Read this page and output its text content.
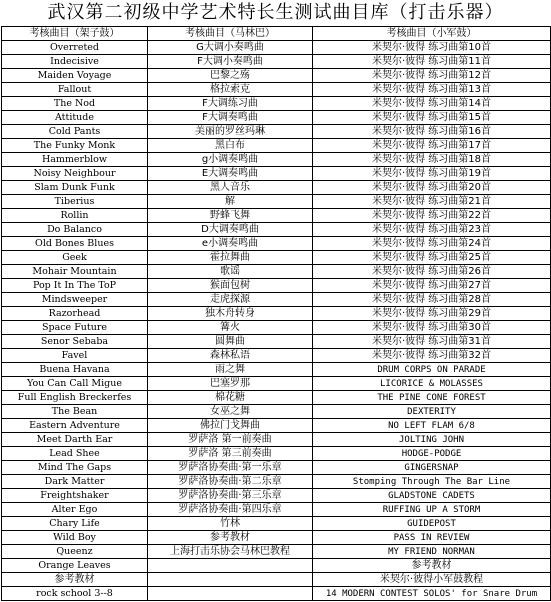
武汉第二初级中学艺术特长生测试曲目库（打击乐器）
考核曲目（架子鼓）	考核曲目（马林巴）	考核曲目（小军鼓）
Overreted	G大调小奏鸣曲	米契尔·彼得 练习曲第10首
Indecisive	F大调小奏鸣曲	米契尔·彼得 练习曲第11首
Maiden Voyage	巴黎之殇	米契尔·彼得 练习曲第12首
Fallout	格拉索克	米契尔·彼得 练习曲第13首
The Nod	F大调练习曲	米契尔·彼得 练习曲第14首
Attitude	F大调奏鸣曲	米契尔·彼得 练习曲第15首
Cold Pants	美丽的罗丝玛琳	米契尔·彼得 练习曲第16首
The Funky Monk	黑白布	米契尔·彼得 练习曲第17首
Hammerblow	g小调奏鸣曲	米契尔·彼得 练习曲第18首
Noisy Neighbour	E大调奏鸣曲	米契尔·彼得 练习曲第19首
Slam Dunk Funk	黑人音乐	米契尔·彼得 练习曲第20首
Tiberius	解	米契尔·彼得 练习曲第21首
Rollin	野蜂飞舞	米契尔·彼得 练习曲第22首
Do Balanco	D大调奏鸣曲	米契尔·彼得 练习曲第23首
Old Bones Blues	e小调奏鸣曲	米契尔·彼得 练习曲第24首
Geek	霍拉舞曲	米契尔·彼得 练习曲第25首
Mohair Mountain	歌谣	米契尔·彼得 练习曲第26首
Pop It In The ToP	猴面包树	米契尔·彼得 练习曲第27首
Mindsweeper	走虎探源	米契尔·彼得 练习曲第28首
Razorhead	独木舟转身	米契尔·彼得 练习曲第29首
Space Future	篝火	米契尔·彼得 练习曲第30首
Senor Sebaba	圆舞曲	米契尔·彼得 练习曲第31首
Favel	森林私语	米契尔·彼得 练习曲第32首
Buena Havana	雨之舞	DRUM CORPS ON PARADE
You Can Call Migue	巴塞罗那	LICORICE & MOLASSES
Full English Breckerfes	棉花糖	THE PINE CONE FOREST
The Bean	女巫之舞	DEXTERITY
Eastern Adventure	佛拉门戈舞曲	NO LEFT FLAM 6/8
Meet Darth Ear	罗萨洛 第一前奏曲	JOLTING JOHN
Lead Shee	罗萨洛 第三前奏曲	HODGE-PODGE
Mind The Gaps	罗萨洛协奏曲·第一乐章	GINGERSNAP
Dark Matter	罗萨洛协奏曲·第二乐章	Stomping Through The Bar Line
Freightshaker	罗萨洛协奏曲·第三乐章	GLADSTONE CADETS
Alter Ego	罗萨洛协奏曲·第四乐章	RUFFING UP A STORM
Chary Life	竹林	GUIDEPOST
Wild Boy	参考教材	PASS IN REVIEW
Queenz	上海打击乐协会马林巴教程	MY FRIEND NORMAN
Orange Leaves		参考教材
参考教材		米契尔·彼得小军鼓教程
rock school 3--8		14 MODERN CONTEST SOLOS' for Snare Drum
